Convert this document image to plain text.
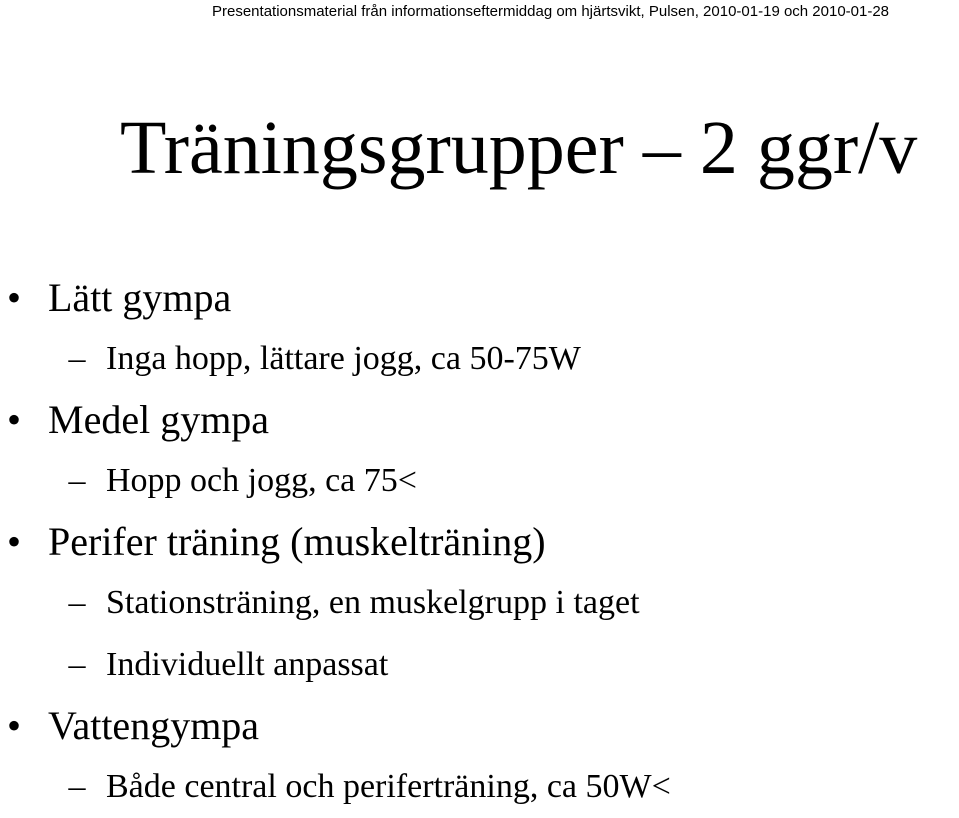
Presentationsmaterial från informationseftermiddag om hjärtsvikt, Pulsen, 2010-01-19 och 2010-01-28
Träningsgrupper – 2 ggr/v
• Lätt gympa
– Inga hopp, lättare jogg, ca 50-75W
• Medel gympa
– Hopp och jogg, ca 75<
• Perifer träning (muskelträning)
– Stationsträning, en muskelgrupp i taget
– Individuellt anpassat
• Vattengympa
– Både central och periferträning, ca 50W<
